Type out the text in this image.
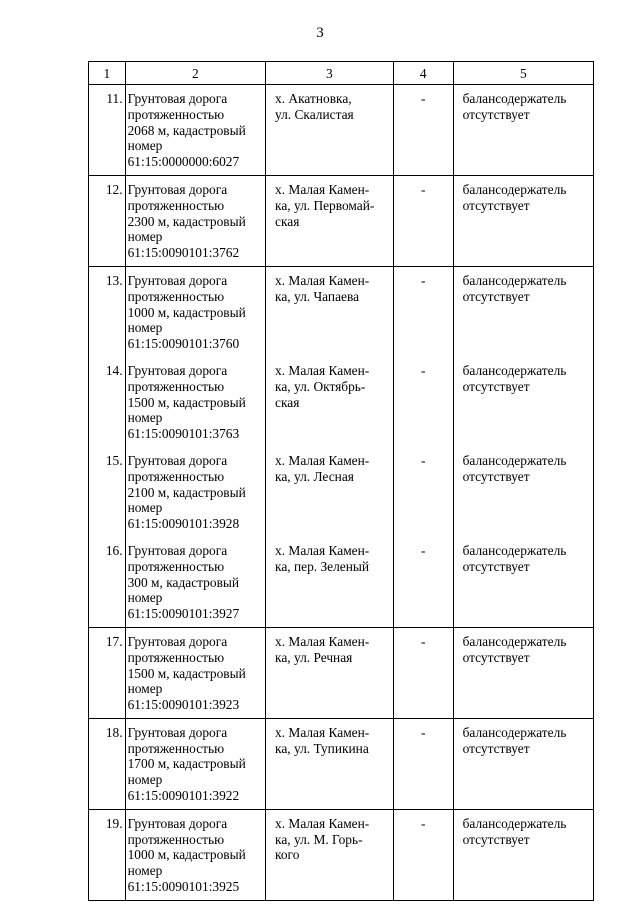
3
1	2	3	4	5
11.	Грунтовая дорога
протяженностью
2068 м, кадастровый
номер
61:15:0000000:6027	х. Акатновка,
ул. Скалистая	-	балансодержатель
отсутствует
12.	Грунтовая дорога
протяженностью
2300 м, кадастровый
номер
61:15:0090101:3762	х. Малая Камен-
ка, ул. Первомай-
ская	-	балансодержатель
отсутствует
13.	Грунтовая дорога
протяженностью
1000 м, кадастровый
номер
61:15:0090101:3760	х. Малая Камен-
ка, ул. Чапаева	-	балансодержатель
отсутствует
14.	Грунтовая дорога
протяженностью
1500 м, кадастровый
номер
61:15:0090101:3763	х. Малая Камен-
ка, ул. Октябрь-
ская	-	балансодержатель
отсутствует
15.	Грунтовая дорога
протяженностью
2100 м, кадастровый
номер
61:15:0090101:3928	х. Малая Камен-
ка, ул. Лесная	-	балансодержатель
отсутствует
16.	Грунтовая дорога
протяженностью
300 м, кадастровый
номер
61:15:0090101:3927	х. Малая Камен-
ка, пер. Зеленый	-	балансодержатель
отсутствует
17.	Грунтовая дорога
протяженностью
1500 м, кадастровый
номер
61:15:0090101:3923	х. Малая Камен-
ка, ул. Речная	-	балансодержатель
отсутствует
18.	Грунтовая дорога
протяженностью
1700 м, кадастровый
номер
61:15:0090101:3922	х. Малая Камен-
ка, ул. Тупикина	-	балансодержатель
отсутствует
19.	Грунтовая дорога
протяженностью
1000 м, кадастровый
номер
61:15:0090101:3925	х. Малая Камен-
ка, ул. М. Горь-
кого	-	балансодержатель
отсутствует
